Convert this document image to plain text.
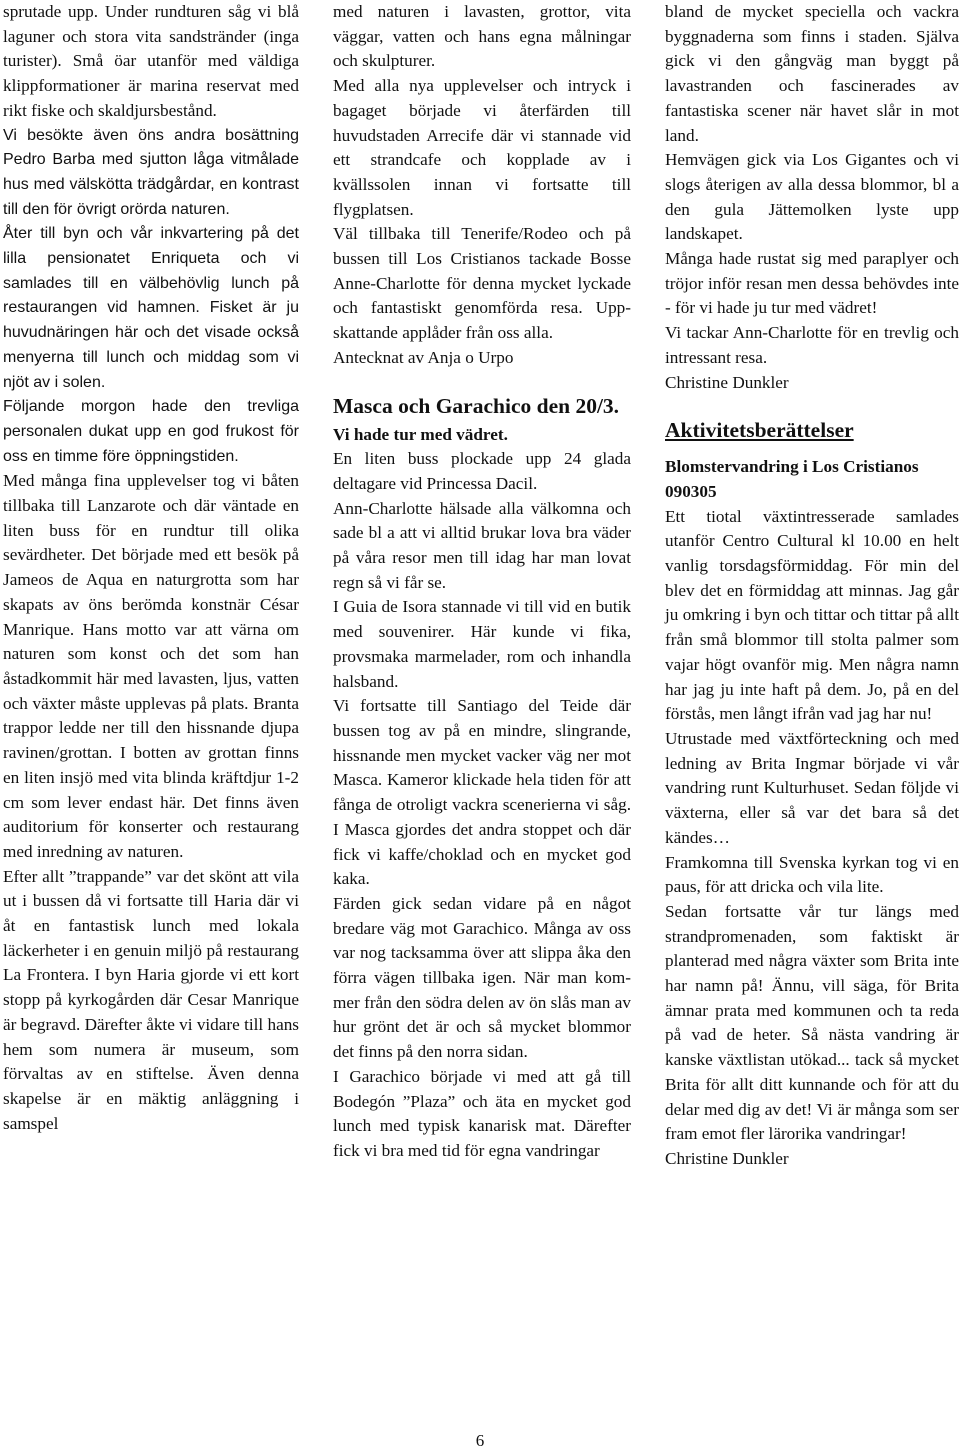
sprutade upp. Under rundturen såg vi blå laguner och stora vita sandstränder (inga turister). Små öar utanför med väldiga klippformationer är marina reservat med rikt fiske och skaldjursbestånd.

Vi besökte även öns andra bosättning Pedro Barba med sjutton låga vitmålade hus med välskötta trädgårdar, en kontrast till den för övrigt orörda naturen.

Åter till byn och vår inkvartering på det lilla pensionatet Enriqueta och vi samlades till en välbehövlig lunch på restaurangen vid hamnen. Fisket är ju huvudnäringen här och det visade också menyerna till lunch och middag som vi njöt av i solen.

Följande morgon hade den trevliga personalen dukat upp en god frukost för oss en timme före öppningstiden.

Med många fina upplevelser tog vi båten tillbaka till Lanzarote och där väntade en liten buss för en rundtur till olika sevärdheter. Det började med ett besök på Jameos de Aqua en naturgrotta som har skapats av öns berömda konstnär César Manrique. Hans motto var att värna om naturen som konst och det som han åstadkommit här med lavasten, ljus, vatten och växter måste upplevas på plats. Branta trappor ledde ner till den hissnande djupa ravinen/grottan. I botten av grottan finns en liten insjö med vita blinda kräftdjur 1-2 cm som lever endast här. Det finns även auditorium för konserter och restaurang med inredning av naturen.

Efter allt ”trappande” var det skönt att vila ut i bussen då vi fortsatte till Haria där vi åt en fantastisk lunch med lokala läckerheter i en genuin miljö på restaurang La Frontera. I byn Haria gjorde vi ett kort stopp på kyrkogården där Cesar Manrique är begravd. Därefter åkte vi vidare till hans hem som numera är museum, som förvaltas av en stiftelse. Även denna skapelse är en mäktig anläggning i samspel

med naturen i lavasten, grottor, vita väggar, vatten och hans egna målningar och skulpturer.

Med alla nya upplevelser och intryck i bagaget började vi återfärden till huvudstaden Arrecife där vi stannade vid ett strandcafe och kopplade av i kvällssolen innan vi fortsatte till flygplatsen.

Väl tillbaka till Tenerife/Rodeo och på bussen till Los Cristianos tackade Bosse Anne-Charlotte för denna mycket lyckade och fantastiskt genomförda resa. Uppskattande applåder från oss alla.

Antecknat av Anja o Urpo

Masca och Garachico den 20/3.

Vi hade tur med vädret.

En liten buss plockade upp 24 glada deltagare vid Princessa Dacil.

Ann-Charlotte hälsade alla välkomna och sade bl a att vi alltid brukar lova bra väder på våra resor men till idag har man lovat regn så vi får se.

I Guia de Isora stannade vi till vid en butik med souvenirer. Här kunde vi fika, provsmaka marmelader, rom och inhandla halsband.

Vi fortsatte till Santiago del Teide där bussen tog av på en mindre, slingrande, hissnande men mycket vacker väg ner mot Masca. Kameror klickade hela tiden för att fånga de otroligt vackra scenerierna vi såg. I Masca gjordes det andra stoppet och där fick vi kaffe/choklad och en mycket god kaka.

Färden gick sedan vidare på en något bredare väg mot Garachico. Många av oss var nog tacksamma över att slippa åka den förra vägen tillbaka igen. När man kommer från den södra delen av ön slås man av hur grönt det är och så mycket blommor det finns på den norra sidan.

I Garachico började vi med att gå till Bodegón ”Plaza” och äta en mycket god lunch med typisk kanarisk mat. Därefter fick vi bra med tid för egna vandringar

bland de mycket speciella och vackra byggnaderna som finns i staden. Själva gick vi den gångväg man byggt på lavastranden och fascinerades av fantastiska scener när havet slår in mot land.

Hemvägen gick via Los Gigantes och vi slogs återigen av alla dessa blommor, bl a den gula Jättemolken lyste upp landskapet.

Många hade rustat sig med paraplyer och tröjor inför resan men dessa behövdes inte - för vi hade ju tur med vädret!

Vi tackar Ann-Charlotte för en trevlig och intressant resa.

Christine Dunkler

Aktivitetsberättelser

Blomstervandring i Los Cristianos 090305

Ett tiotal växtintresserade samlades utanför Centro Cultural kl 10.00 en helt vanlig torsdagsförmiddag. För min del blev det en förmiddag att minnas. Jag går ju omkring i byn och tittar och tittar på allt från små blommor till stolta palmer som vajar högt ovanför mig. Men några namn har jag ju inte haft på dem. Jo, på en del förstås, men långt ifrån vad jag har nu!

Utrustade med växtförteckning och med ledning av Brita Ingmar började vi vår vandring runt Kulturhuset. Sedan följde vi växterna, eller så var det bara så det kändes…

Framkomna till Svenska kyrkan tog vi en paus, för att dricka och vila lite.

Sedan fortsatte vår tur längs med strandpromenaden, som faktiskt är planterad med några växter som Brita inte har namn på! Ännu, vill säga, för Brita ämnar prata med kommunen och ta reda på vad de heter. Så nästa vandring är kanske växtlistan utökad... tack så mycket Brita för allt ditt kunnande och för att du delar med dig av det! Vi är många som ser fram emot fler lärorika vandringar!

Christine Dunkler

6
